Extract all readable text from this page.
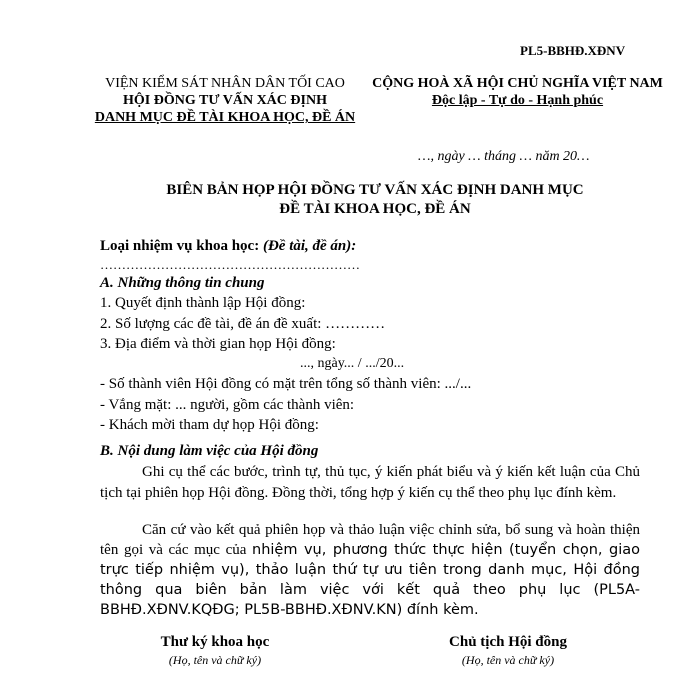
PL5-BBHĐ.XĐNV
VIỆN KIỂM SÁT NHÂN DÂN TỐI CAO
HỘI ĐỒNG TƯ VẤN XÁC ĐỊNH
DANH MỤC ĐỀ TÀI KHOA HỌC, ĐỀ ÁN
CỘNG HOÀ XÃ HỘI CHỦ NGHĨA VIỆT NAM
Độc lập - Tự do - Hạnh phúc
…, ngày … tháng … năm 20…
BIÊN BẢN HỌP HỘI ĐỒNG TƯ VẤN XÁC ĐỊNH DANH MỤC
ĐỀ TÀI KHOA HỌC, ĐỀ ÁN
Loại nhiệm vụ khoa học: (Đề tài, đề án):
……………………………………………………
A. Những thông tin chung
1. Quyết định thành lập Hội đồng:
2. Số lượng các đề tài, đề án đề xuất: …………
3. Địa điểm và thời gian họp Hội đồng:
..., ngày... / .../20...
- Số thành viên Hội đồng có mặt trên tổng số thành viên: .../...
- Vắng mặt: ... người, gồm các thành viên:
- Khách mời tham dự họp Hội đồng:
B. Nội dung làm việc của Hội đồng
Ghi cụ thể các bước, trình tự, thủ tục, ý kiến phát biểu và ý kiến kết luận của Chủ tịch tại phiên họp Hội đồng. Đồng thời, tổng hợp ý kiến cụ thể theo phụ lục đính kèm.
Căn cứ vào kết quả phiên họp và thảo luận việc chỉnh sửa, bổ sung và hoàn thiện tên gọi và các mục của nhiệm vụ, phương thức thực hiện (tuyển chọn, giao trực tiếp nhiệm vụ), thảo luận thứ tự ưu tiên trong danh mục, Hội đồng thông qua biên bản làm việc với kết quả theo phụ lục (PL5A-BBHĐ.XĐNV.KQĐG; PL5B-BBHĐ.XĐNV.KN) đính kèm.
Thư ký khoa học
(Họ, tên và chữ ký)
Chủ tịch Hội đồng
(Họ, tên và chữ ký)
